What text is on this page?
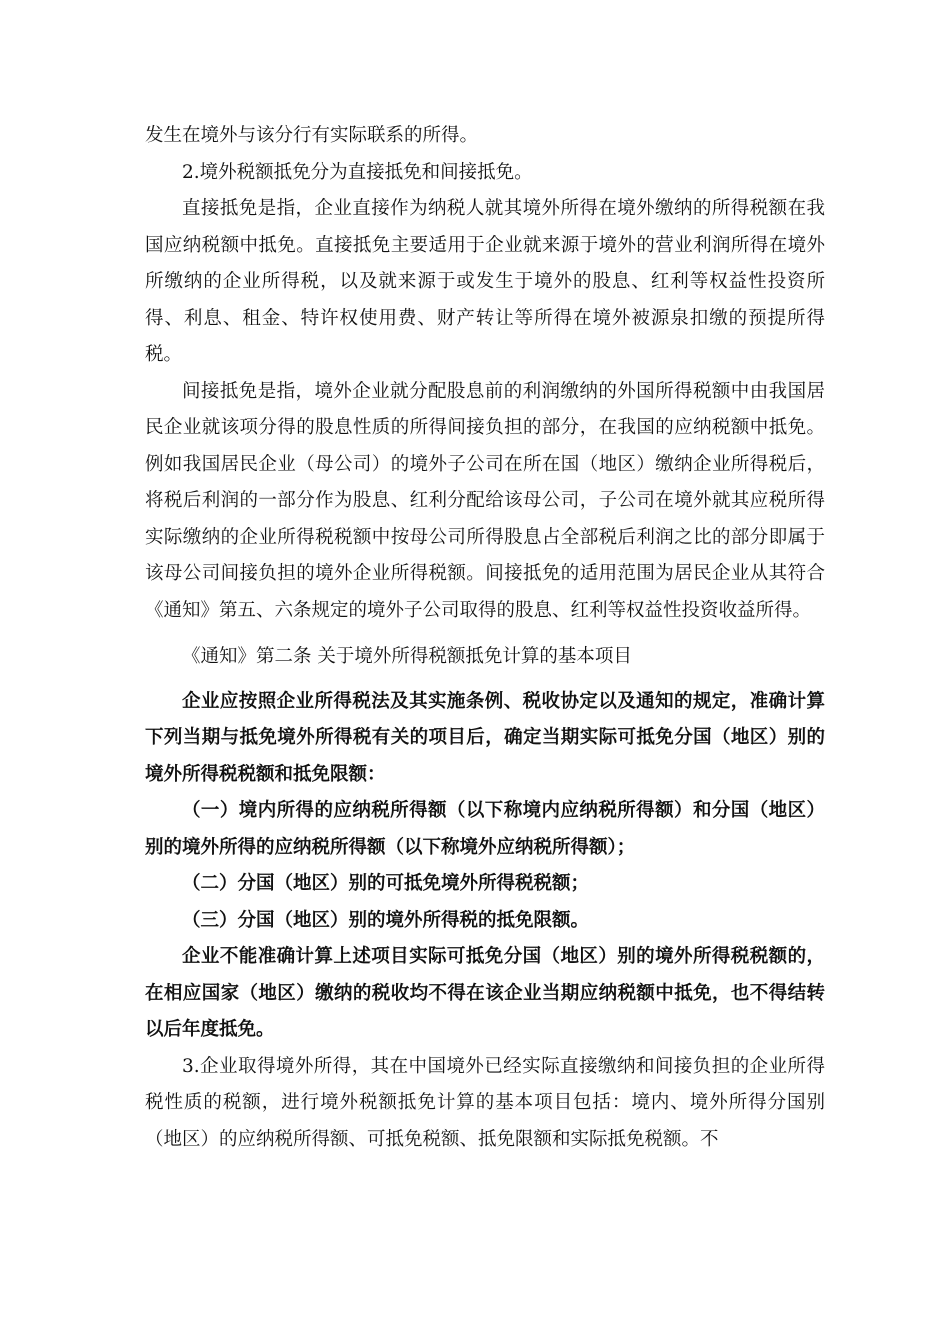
发生在境外与该分行有实际联系的所得。

2.境外税额抵免分为直接抵免和间接抵免。

直接抵免是指，企业直接作为纳税人就其境外所得在境外缴纳的所得税额在我国应纳税额中抵免。直接抵免主要适用于企业就来源于境外的营业利润所得在境外所缴纳的企业所得税，以及就来源于或发生于境外的股息、红利等权益性投资所得、利息、租金、特许权使用费、财产转让等所得在境外被源泉扣缴的预提所得税。

间接抵免是指，境外企业就分配股息前的利润缴纳的外国所得税额中由我国居民企业就该项分得的股息性质的所得间接负担的部分，在我国的应纳税额中抵免。例如我国居民企业（母公司）的境外子公司在所在国（地区）缴纳企业所得税后，将税后利润的一部分作为股息、红利分配给该母公司，子公司在境外就其应税所得实际缴纳的企业所得税税额中按母公司所得股息占全部税后利润之比的部分即属于该母公司间接负担的境外企业所得税额。间接抵免的适用范围为居民企业从其符合《通知》第五、六条规定的境外子公司取得的股息、红利等权益性投资收益所得。

《通知》第二条 关于境外所得税额抵免计算的基本项目

企业应按照企业所得税法及其实施条例、税收协定以及通知的规定，准确计算下列当期与抵免境外所得税有关的项目后，确定当期实际可抵免分国（地区）别的境外所得税税额和抵免限额：

（一）境内所得的应纳税所得额（以下称境内应纳税所得额）和分国（地区）别的境外所得的应纳税所得额（以下称境外应纳税所得额）；

（二）分国（地区）别的可抵免境外所得税税额；

（三）分国（地区）别的境外所得税的抵免限额。

企业不能准确计算上述项目实际可抵免分国（地区）别的境外所得税税额的，在相应国家（地区）缴纳的税收均不得在该企业当期应纳税额中抵免，也不得结转以后年度抵免。

3.企业取得境外所得，其在中国境外已经实际直接缴纳和间接负担的企业所得税性质的税额，进行境外税额抵免计算的基本项目包括：境内、境外所得分国别（地区）的应纳税所得额、可抵免税额、抵免限额和实际抵免税额。不
